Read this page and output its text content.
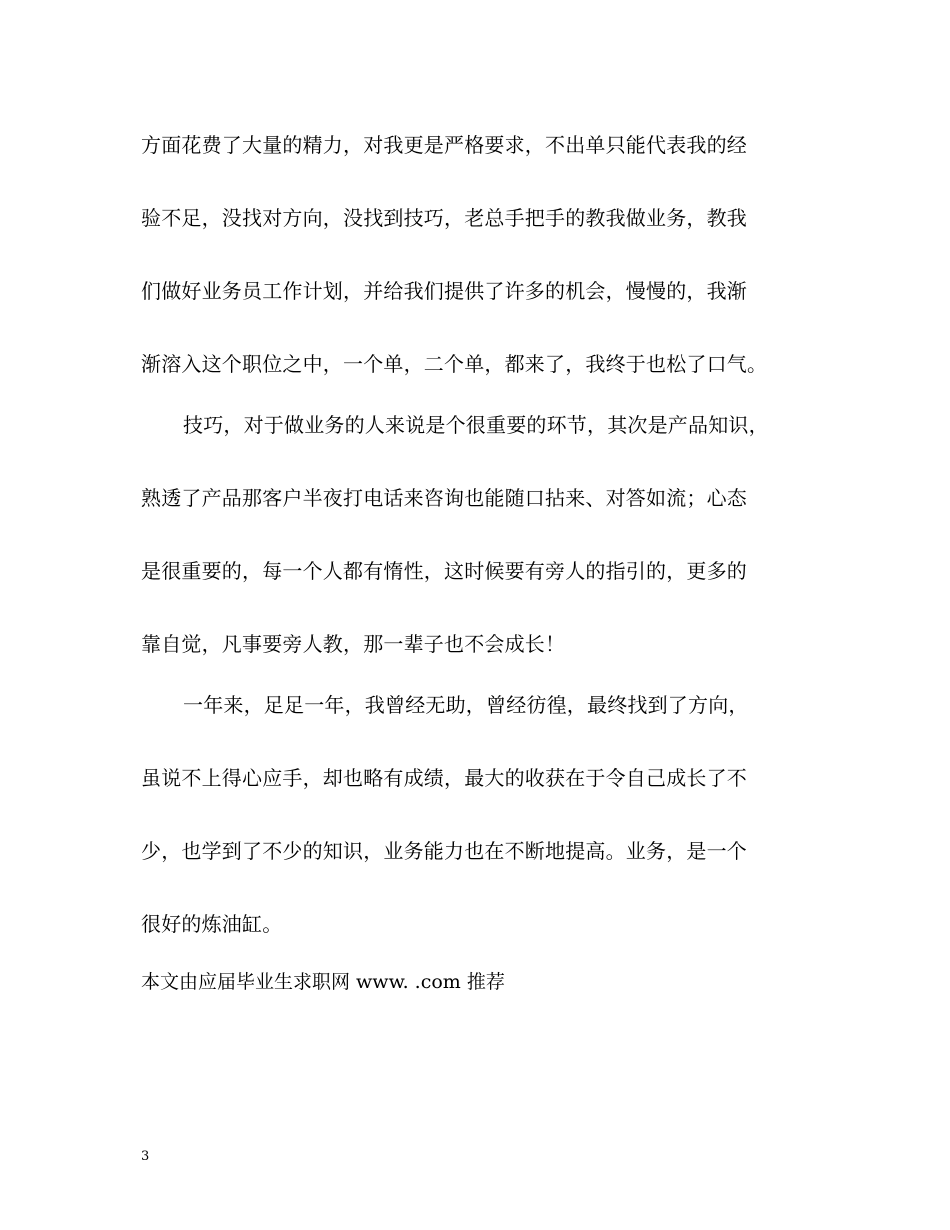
方面花费了大量的精力，对我更是严格要求，不出单只能代表我的经
验不足，没找对方向，没找到技巧，老总手把手的教我做业务，教我
们做好业务员工作计划，并给我们提供了许多的机会，慢慢的，我渐
渐溶入这个职位之中，一个单，二个单，都来了，我终于也松了口气。
技巧，对于做业务的人来说是个很重要的环节，其次是产品知识，
熟透了产品那客户半夜打电话来咨询也能随口拈来、对答如流；心态
是很重要的，每一个人都有惰性，这时候要有旁人的指引的，更多的
靠自觉，凡事要旁人教，那一辈子也不会成长！
一年来，足足一年，我曾经无助，曾经彷徨，最终找到了方向，
虽说不上得心应手，却也略有成绩，最大的收获在于令自己成长了不
少，也学到了不少的知识，业务能力也在不断地提高。业务，是一个
很好的炼油缸。
本文由应届毕业生求职网 www. .com 推荐
3
